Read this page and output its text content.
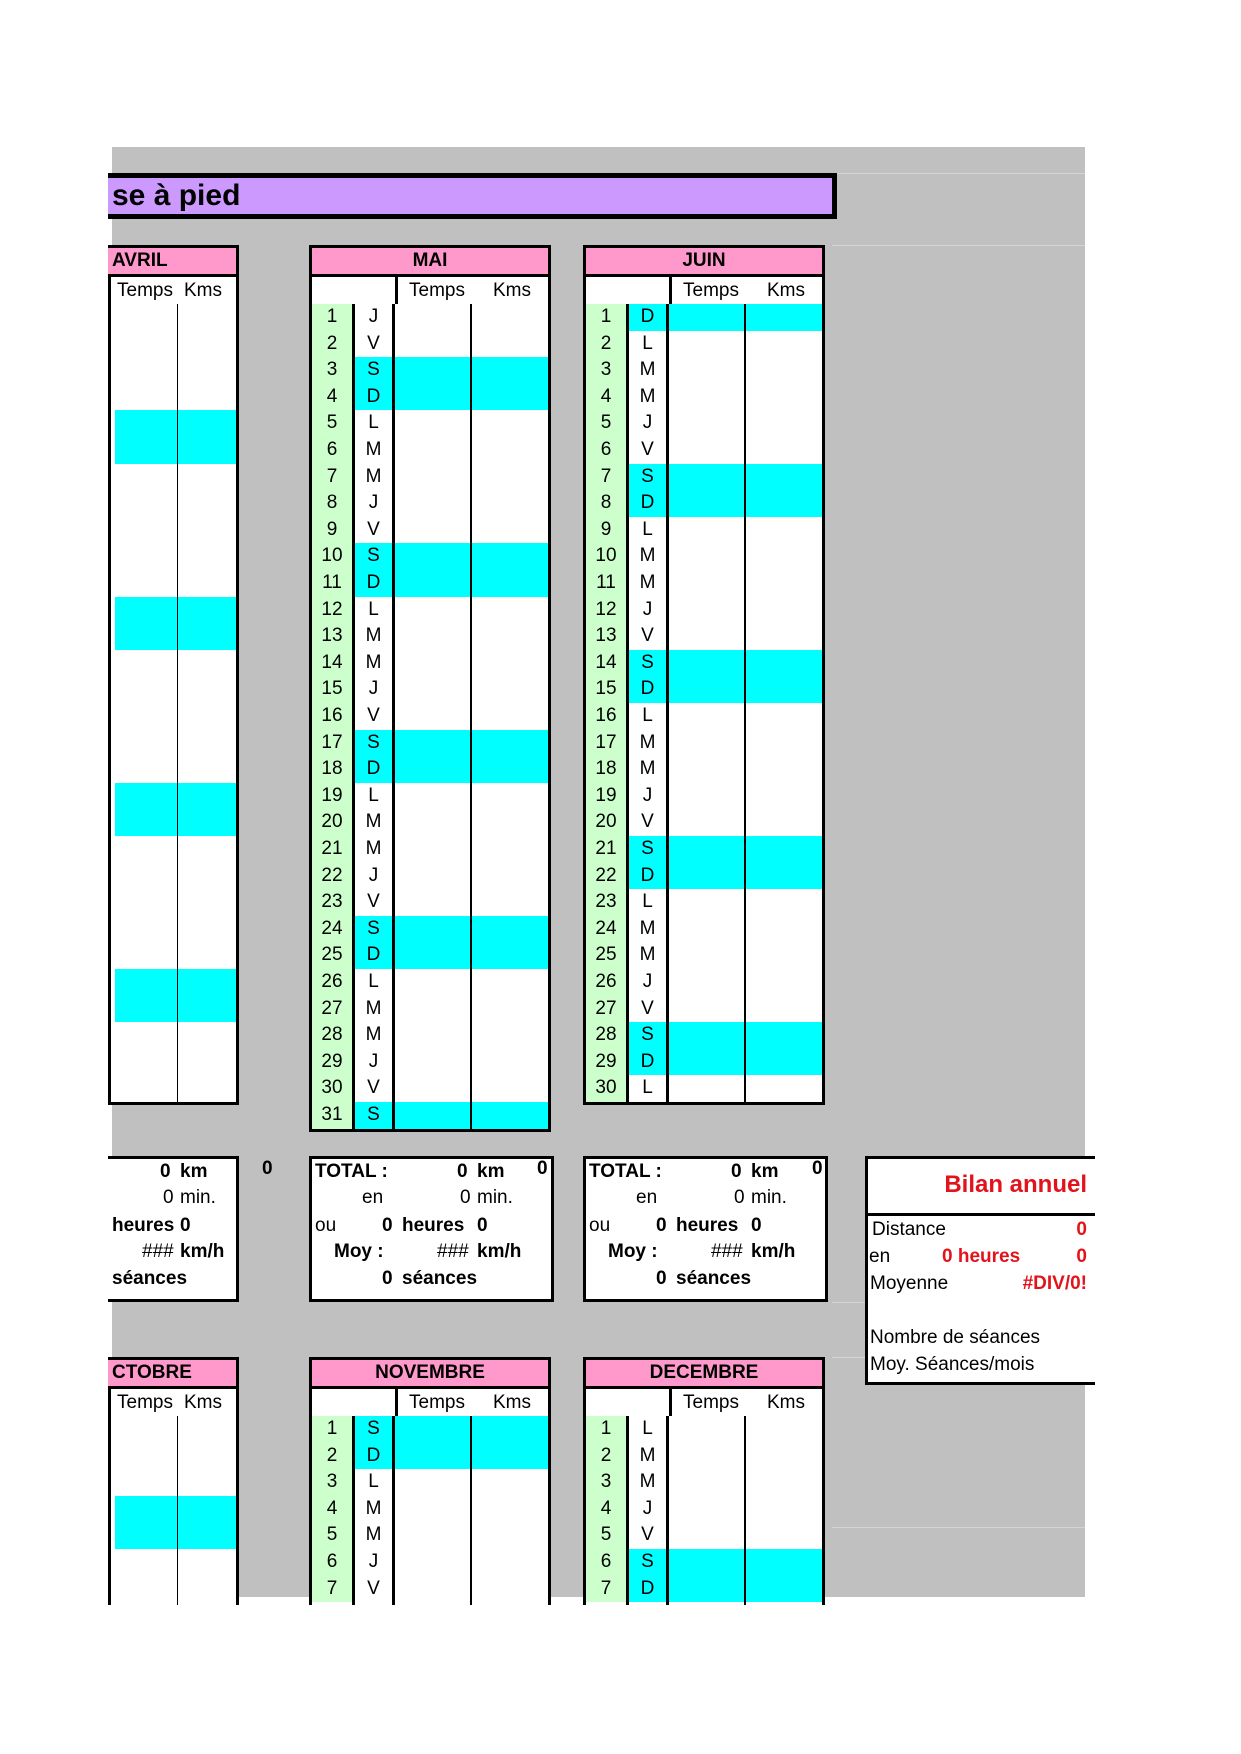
se à pied
AVRIL
Temps Kms
MAI
Temps	Kms
1	J
2	V
3	S
4	D
5	L
6	M
7	M
8	J
9	V
10	S
11	D
12	L
13	M
14	M
15	J
16	V
17	S
18	D
19	L
20	M
21	M
22	J
23	V
24	S
25	D
26	L
27	M
28	M
29	J
30	V
31	S
JUIN
Temps	Kms
1	D
2	L
3	M
4	M
5	J
6	V
7	S
8	D
9	L
10	M
11	M
12	J
13	V
14	S
15	D
16	L
17	M
18	M
19	J
20	V
21	S
22	D
23	L
24	M
25	M
26	J
27	V
28	S
29	D
30	L
0 km
0 min.
heures 0
### km/h
séances
0 TOTAL :	0 km
en	0 min.
ou 0 heures 0
Moy :	### km/h
0 séances
0 TOTAL :	0 km
en	0 min.
ou 0 heures 0
Moy :	### km/h
0 séances
0
Bilan annuel
Distance	0
en	0 heures	0
Moyenne	#DIV/0!
Nombre de séances
Moy. Séances/mois
CTOBRE
Temps Kms
NOVEMBRE
Temps	Kms
1	S
2	D
3	L
4	M
5	M
6	J
7	V
DECEMBRE
Temps	Kms
1	L
2	M
3	M
4	J
5	V
6	S
7	D
